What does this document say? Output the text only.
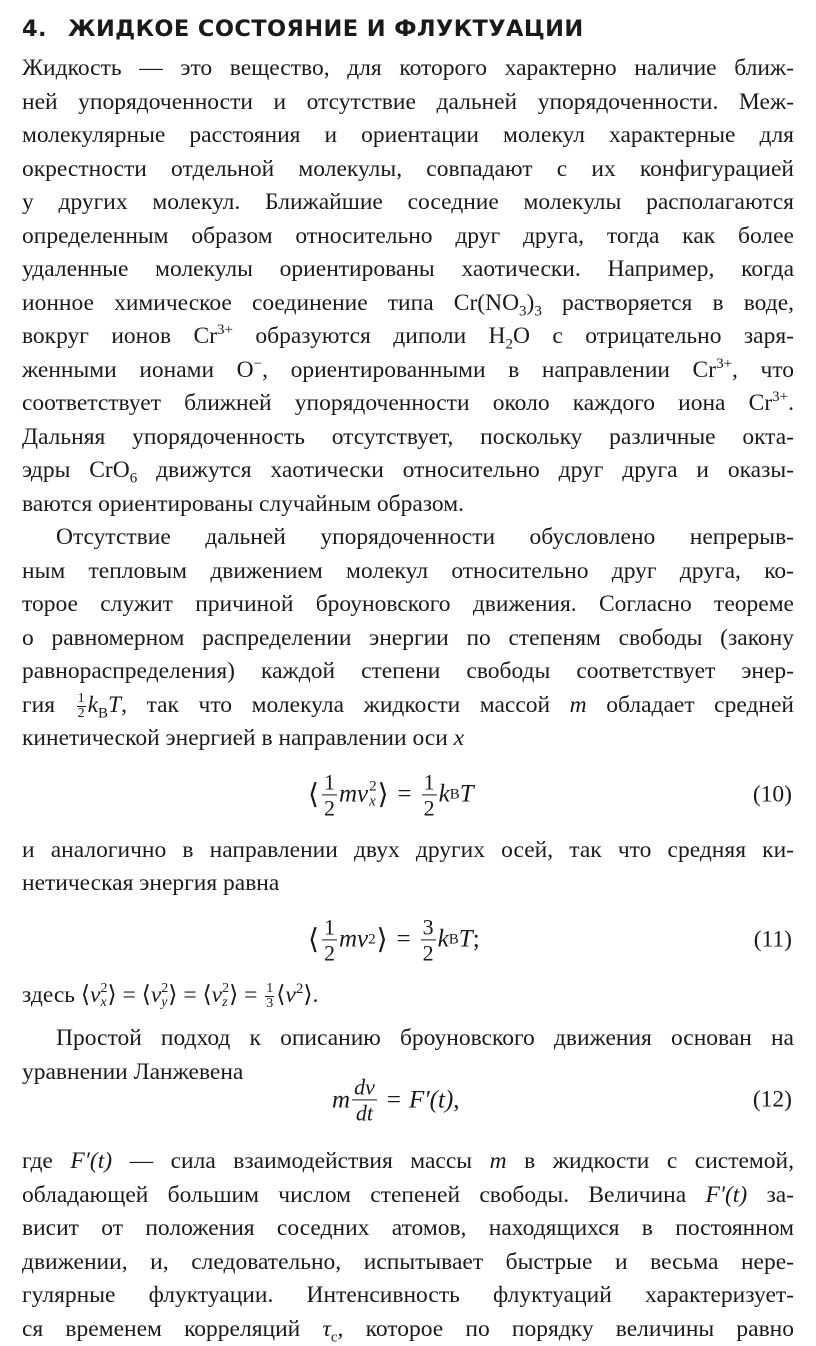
4. ЖИДКОЕ СОСТОЯНИЕ И ФЛУКТУАЦИИ
Жидкость — это вещество, для которого характерно наличие ближ-
ней упорядоченности и отсутствие дальней упорядоченности. Меж-
молекулярные расстояния и ориентации молекул характерные для
окрестности отдельной молекулы, совпадают с их конфигурацией
у других молекул. Ближайшие соседние молекулы располагаются
определенным образом относительно друг друга, тогда как более
удаленные молекулы ориентированы хаотически. Например, когда
ионное химическое соединение типа $Cr(NO_3)_3$ растворяется в воде,
вокруг ионов $Cr^{3+}$ образуются диполи $H_2O$ с отрицательно заря-
женными ионами O−, ориентированными в направлении $Cr^{3+}$, что
соответствует ближней упорядоченности около каждого иона $Cr^{3+}$.
Дальняя упорядоченность отсутствует, поскольку различные окта-
эдры CrO$_6$ движутся хаотически относительно друг друга и оказы-
ваются ориентированы случайным образом.
Отсутствие дальней упорядоченности обусловлено непрерыв-
ным тепловым движением молекул относительно друг друга, ко-
торое служит причиной броуновского движения. Согласно теореме
о равномерном распределении энергии по степеням свободы (закону
равнораспределения) каждой степени свободы соответствует энер-
гия $\frac{1}{2} k_BT$, так что молекула жидкости массой m обладает средней
кинетической энергией в направлении оси x
⟨ $\frac{1}{2}$ m v 2
x ⟩ = $\frac{1}{2}$ k B T	(10)
и аналогично в направлении двух других осей, так что средняя ки-
нетическая энергия равна
⟨ $\frac{1}{2}$ m v 2 ⟩ = $\frac{3}{2}$ k B T ;	(11)
здесь ⟨v 2
x ⟩ = ⟨v 2
y ⟩ = ⟨v 2
z ⟩ = $\frac{1}{3}$ $⟨v^2⟩$.
Простой подход к описанию броуновского движения основан на
уравнении Ланжевена
m $\frac{dv}{dt} = F'(t)$ ,	(12)
где F′(t) — сила взаимодействия массы m в жидкости с системой,
обладающей большим числом степеней свободы. Величина F′(t) за-
висит от положения соседних атомов, находящихся в постоянном
движении, и, следовательно, испытывает быстрые и весьма нере-
гулярные флуктуации. Интенсивность флуктуаций характеризует-
ся временем корреляций $\tau_c$, которое по порядку величины равно
